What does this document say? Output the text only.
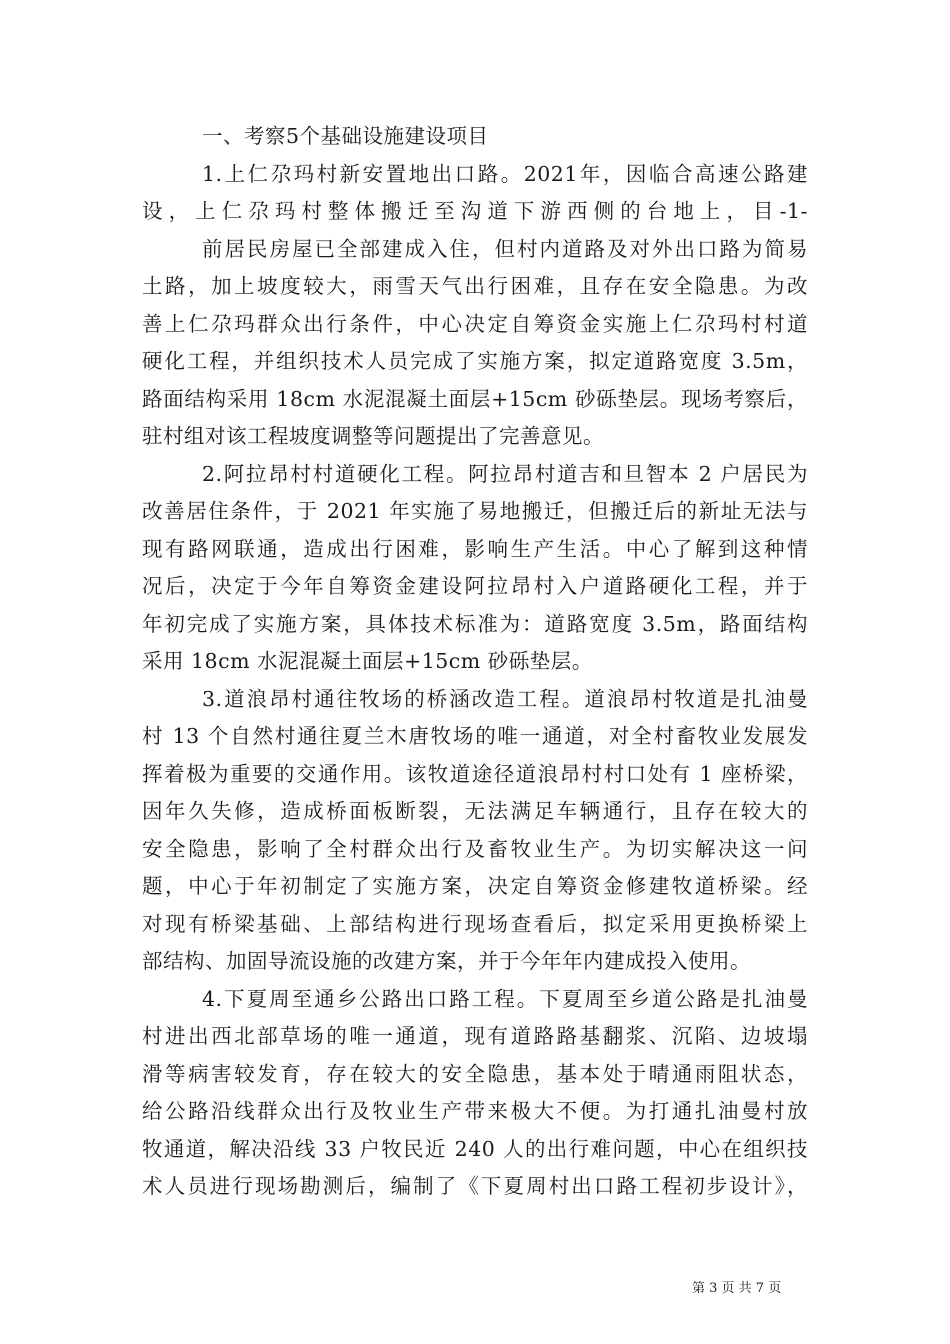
一、考察5个基础设施建设项目
1.上仁尕玛村新安置地出口路。2021年，因临合高速公路建
设，上仁尕玛村整体搬迁至沟道下游西侧的台地上，目-1-
前居民房屋已全部建成入住，但村内道路及对外出口路为简易
土路，加上坡度较大，雨雪天气出行困难，且存在安全隐患。为改
善上仁尕玛群众出行条件，中心决定自筹资金实施上仁尕玛村村道
硬化工程，并组织技术人员完成了实施方案，拟定道路宽度 3.5m，
路面结构采用 18cm 水泥混凝土面层+15cm 砂砾垫层。现场考察后，
驻村组对该工程坡度调整等问题提出了完善意见。
2.阿拉昂村村道硬化工程。阿拉昂村道吉和旦智本 2 户居民为
改善居住条件，于 2021 年实施了易地搬迁，但搬迁后的新址无法与
现有路网联通，造成出行困难，影响生产生活。中心了解到这种情
况后，决定于今年自筹资金建设阿拉昂村入户道路硬化工程，并于
年初完成了实施方案，具体技术标准为：道路宽度 3.5m，路面结构
采用 18cm 水泥混凝土面层+15cm 砂砾垫层。
3.道浪昂村通往牧场的桥涵改造工程。道浪昂村牧道是扎油曼
村 13 个自然村通往夏兰木唐牧场的唯一通道，对全村畜牧业发展发
挥着极为重要的交通作用。该牧道途径道浪昂村村口处有 1 座桥梁，
因年久失修，造成桥面板断裂，无法满足车辆通行，且存在较大的
安全隐患，影响了全村群众出行及畜牧业生产。为切实解决这一问
题，中心于年初制定了实施方案，决定自筹资金修建牧道桥梁。经
对现有桥梁基础、上部结构进行现场查看后，拟定采用更换桥梁上
部结构、加固导流设施的改建方案，并于今年年内建成投入使用。
4.下夏周至通乡公路出口路工程。下夏周至乡道公路是扎油曼
村进出西北部草场的唯一通道，现有道路路基翻浆、沉陷、边坡塌
滑等病害较发育，存在较大的安全隐患，基本处于晴通雨阻状态，
给公路沿线群众出行及牧业生产带来极大不便。为打通扎油曼村放
牧通道，解决沿线 33 户牧民近 240 人的出行难问题，中心在组织技
术人员进行现场勘测后，编制了《下夏周村出口路工程初步设计》，
第 3 页 共 7 页
